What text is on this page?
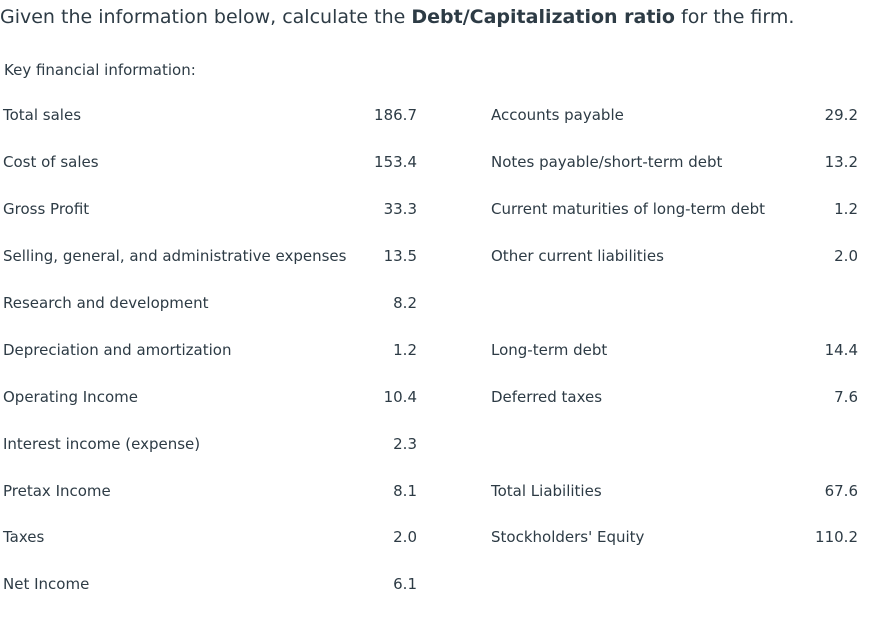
Given the information below, calculate the Debt/Capitalization ratio for the firm.
Key financial information:
Total sales	186.7		Accounts payable	29.2
Cost of sales	153.4		Notes payable/short-term debt	13.2
Gross Profit	33.3		Current maturities of long-term debt	1.2
Selling, general, and administrative expenses	13.5		Other current liabilities	2.0
Research and development	8.2			
Depreciation and amortization	1.2		Long-term debt	14.4
Operating Income	10.4		Deferred taxes	7.6
Interest income (expense)	2.3			
Pretax Income	8.1		Total Liabilities	67.6
Taxes	2.0		Stockholders' Equity	110.2
Net Income	6.1			
